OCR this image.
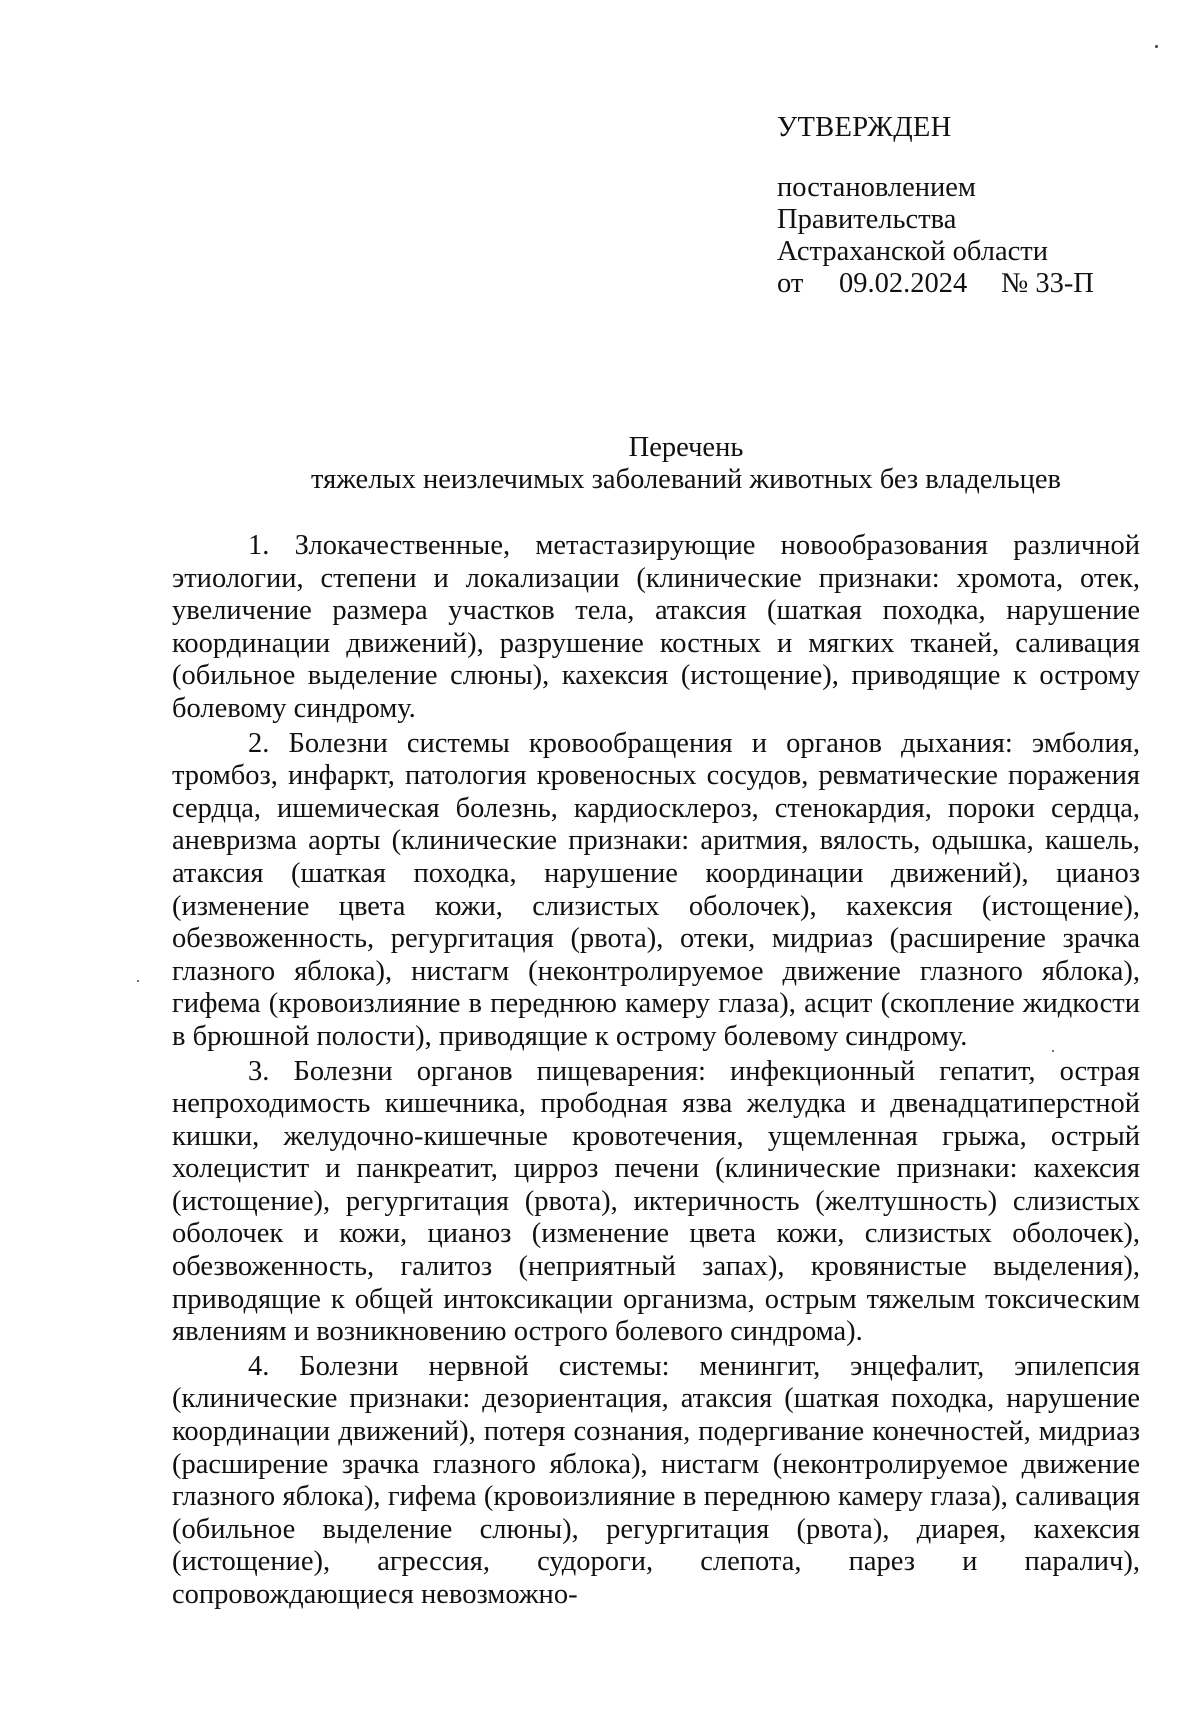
УТВЕРЖДЕН
постановлением
Правительства
Астраханской области
от 09.02.2024 № 33-П
Перечень
тяжелых неизлечимых заболеваний животных без владельцев

1. Злокачественные, метастазирующие новообразования различной этиологии, степени и локализации (клинические признаки: хромота, отек, увеличение размера участков тела, атаксия (шаткая походка, нарушение координации движений), разрушение костных и мягких тканей, саливация (обильное выделение слюны), кахексия (истощение), приводящие к острому болевому синдрому.

2. Болезни системы кровообращения и органов дыхания: эмболия, тромбоз, инфаркт, патология кровеносных сосудов, ревматические поражения сердца, ишемическая болезнь, кардиосклероз, стенокардия, пороки сердца, аневризма аорты (клинические признаки: аритмия, вялость, одышка, кашель, атаксия (шаткая походка, нарушение координации движений), цианоз (изменение цвета кожи, слизистых оболочек), кахексия (истощение), обезвоженность, регургитация (рвота), отеки, мидриаз (расширение зрачка глазного яблока), нистагм (неконтролируемое движение глазного яблока), гифема (кровоизлияние в переднюю камеру глаза), асцит (скопление жидкости в брюшной полости), приводящие к острому болевому синдрому.

3. Болезни органов пищеварения: инфекционный гепатит, острая непроходимость кишечника, прободная язва желудка и двенадцатиперстной кишки, желудочно-кишечные кровотечения, ущемленная грыжа, острый холецистит и панкреатит, цирроз печени (клинические признаки: кахексия (истощение), регургитация (рвота), иктеричность (желтушность) слизистых оболочек и кожи, цианоз (изменение цвета кожи, слизистых оболочек), обезвоженность, галитоз (неприятный запах), кровянистые выделения), приводящие к общей интоксикации организма, острым тяжелым токсическим явлениям и возникновению острого болевого синдрома).

4. Болезни нервной системы: менингит, энцефалит, эпилепсия (клинические признаки: дезориентация, атаксия (шаткая походка, нарушение координации движений), потеря сознания, подергивание конечностей, мидриаз (расширение зрачка глазного яблока), нистагм (неконтролируемое движение глазного яблока), гифема (кровоизлияние в переднюю камеру глаза), саливация (обильное выделение слюны), регургитация (рвота), диарея, кахексия (истощение), агрессия, судороги, слепота, парез и паралич), сопровождающиеся невозможно-
